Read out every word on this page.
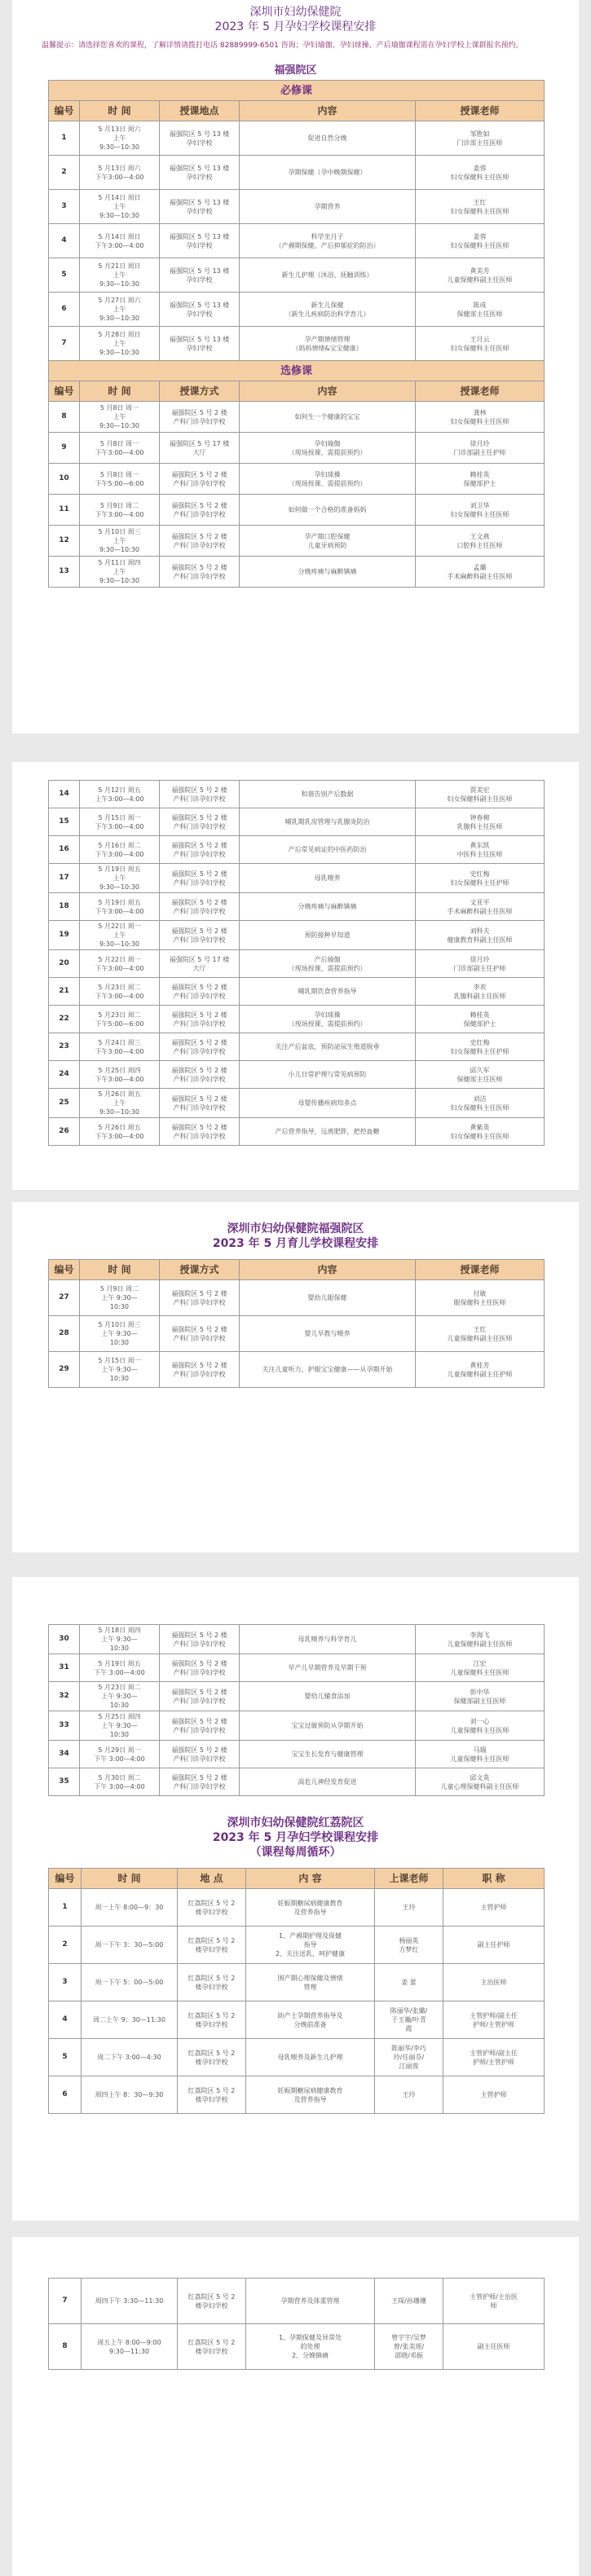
深圳市妇幼保健院
2023 年 5 月孕妇学校课程安排
温馨提示：请选择您喜欢的课程，了解详情请拨打电话 82889999-6501 咨询；孕妇瑜伽、孕妇球操、产后瑜伽课程需在孕妇学校上课群报名预约。
福强院区
必修课				
编号	时 间	授课地点	内容	授课老师
1	5 月13日 周六
上午
9:30—10:30	福强院区 5 号 13 楼
孕妇学校	促进自然分娩	邹胜如
门诊部主任医师
2	5 月13日 周六
下午3:00—4:00	福强院区 5 号 13 楼
孕妇学校	孕期保健（孕中晚期保健）	姜蓉
妇女保健科主任医师
3	5 月14日 周日
上午
9:30—10:30	福强院区 5 号 13 楼
孕妇学校	孕期营养	王红
妇女保健科主任医师
4	5 月14日 周日
下午3:00—4:00	福强院区 5 号 13 楼
孕妇学校	科学坐月子
（产褥期保健、产后抑郁症的防治）	姜蓉
妇女保健科主任医师
5	5 月21日 周日
上午
9:30—10:30	福强院区 5 号 13 楼
孕妇学校	新生儿护理（沐浴、抚触训练）	黄美芳
儿童保健科副主任医师
6	5 月27日 周六
上午
9:30—10:30	福强院区 5 号 13 楼
孕妇学校	新生儿保健
（新生儿疾病防治科学育儿）	陈成
保健部主任医师
7	5 月28日 周日
上午
9:30—10:30	福强院区 5 号 13 楼
孕妇学校	孕产期情绪管理
（妈妈情绪&宝宝健康）	王月云
妇女保健科主任医师
选修课				
编号	时 间	授课方式	内容	授课老师
8	5 月8日 周一
上午
9:30—10:30	福强院区 5 号 2 楼
产科门诊孕妇学校	如何生一个健康的宝宝	龚林
妇女保健科主任医师
9	5 月8日 周一
下午3:00—4:00	福强院区 5 号 17 楼
大厅	孕妇瑜伽
（现场授课、需提前预约）	徐月玲
门诊部副主任护师
10	5 月8日 周一
下午5:00—6:00	福强院区 5 号 2 楼
产科门诊孕妇学校	孕妇球操
（现场授课、需提前预约）	赖桂英
保健部护士
11	5 月9日 周二
下午3:00—4:00	福强院区 5 号 2 楼
产科门诊孕妇学校	如何做一个合格的准备妈妈	刘卫华
妇女保健科主任医师
12	5 月10日 周三
上午
9:30—10:30	福强院区 5 号 2 楼
产科门诊孕妇学校	孕产期口腔保健
儿童牙病预防	王文燕
口腔科主任医师
13	5 月11日 周四
上午
9:30—10:30	福强院区 5 号 2 楼
产科门诊孕妇学校	分娩疼痛与麻醉镇痛	孟璐
手术麻醉科副主任医师
14	5 月12日 周五
上午3:00—4:00	福强院区 5 号 2 楼
产科门诊孕妇学校	和谐告别产后数据	贾美宏
妇女保健科副主任医师
15	5 月15日 周一
下午3:00—4:00	福强院区 5 号 2 楼
产科门诊孕妇学校	哺乳期乳房管理与乳腺炎防治	钟春棉
乳腺科主任医师
16	5 月16日 周二
下午3:00—4:00	福强院区 5 号 2 楼
产科门诊孕妇学校	产后常见病证的中医药防治	黄东凯
中医科主任医师
17	5 月19日 周五
上午
9:30—10:30	福强院区 5 号 2 楼
产科门诊孕妇学校	母乳喂养	史红梅
妇女保健科主任护师
18	5 月19日 周五
下午3:00—4:00	福强院区 5 号 2 楼
产科门诊孕妇学校	分娩疼痛与麻醉镇痛	文亚平
手术麻醉科副主任医师
19	5 月22日 周一
上午
9:30—10:30	福强院区 5 号 2 楼
产科门诊孕妇学校	预防接种早知道	刘科夫
健康教育科副主任医师
20	5 月22日 周一
下午3:00—4:00	福强院区 5 号 17 楼
大厅	产后瑜伽
（现场授课、需提前预约）	徐月玲
门诊部副主任护师
21	5 月23日 周二
下午3:00—4:00	福强院区 5 号 2 楼
产科门诊孕妇学校	哺乳期饮食营养指导	李欢
乳腺科副主任医师
22	5 月23日 周二
下午5:00—6:00	福强院区 5 号 2 楼
产科门诊孕妇学校	孕妇球操
（现场授课、需提前预约）	赖桂英
保健部护士
23	5 月24日 周三
下午3:00—4:00	福强院区 5 号 2 楼
产科门诊孕妇学校	关注产后盆底，预防泌尿生殖道脱垂	史红梅
妇女保健科主任护师
24	5 月25日 周四
下午3:00—4:00	福强院区 5 号 2 楼
产科门诊孕妇学校	小儿日常护理与常见病预防	邱久军
保健部主任医师
25	5 月26日 周五
上午
9:30—10:30	福强院区 5 号 2 楼
产科门诊孕妇学校	母婴传播疾病知多点	刘洁
妇女保健科主任医师
26	5 月26日 周五
下午3:00—4:00	福强院区 5 号 2 楼
产科门诊孕妇学校	产后营养指导，远离肥胖，把控血糖	黄紫英
妇女保健科主任医师
深圳市妇幼保健院福强院区
2023 年 5 月育儿学校课程安排
编号	时 间	授课方式	内容	授课老师
27	5 月9日 周二
上午 9:30—
10:30	福强院区 5 号 2 楼
产科门诊孕妇学校	婴幼儿眼保健	付敏
眼保健科主任医师
28	5 月10日 周三
上午 9:30—
10:30	福强院区 5 号 2 楼
产科门诊孕妇学校	婴儿早教与喂养	王红
儿童保健科副主任医师
29	5 月15日 周一
上午 9:30—
10:30	福强院区 5 号 2 楼
产科门诊孕妇学校	关注儿童听力、护眼宝宝健康——从孕期开始	黄桂芳
儿童保健科副主任护师
30	5 月18日 周四
上午 9:30—
10:30	福强院区 5 号 2 楼
产科门诊孕妇学校	母乳喂养与科学育儿	李海飞
儿童保健科副主任医师
31	5 月19日 周五
下午 3:00—4:00	福强院区 5 号 2 楼
产科门诊孕妇学校	早产儿早期营养及早期干预	江宏
儿童保健科主任医师
32	5 月23日 周二
上午 9:30—
10:30	福强院区 5 号 2 楼
产科门诊孕妇学校	婴幼儿辅食添加	彭中华
保健部副主任医师
33	5 月25日 周四
上午 9:30—
10:30	福强院区 5 号 2 楼
产科门诊孕妇学校	宝宝过敏预防从孕期开始	刘一心
儿童保健科主任医师
34	5 月29日 周一
下午 3:00—4:00	福强院区 5 号 2 楼
产科门诊孕妇学校	宝宝生长发育与健康管理	马瑞
儿童保健科主任医师
35	5 月30日 周二
下午 3:00—4:00	福强院区 5 号 2 楼
产科门诊孕妇学校	高危儿神经发育促进	邱文英
儿童心理保健科副主任医师
深圳市妇幼保健院红荔院区
2023 年 5 月孕妇学校课程安排
（课程每周循环）
编号	时 间	地 点	内 容	上课老师	职 称
1	周一上午 8:00—9：30	红荔院区 5 号 2
楼孕妇学校	妊娠期糖尿病健康教育
及营养指导	王玲	主管护师
2	周一下午 3：30—5:00	红荔院区 5 号 2
楼孕妇学校	1、产褥期护理及保健
指导
2、关注送乳，呵护健康	杨丽英
方梦红	副主任护师
3	周一下午 5：00—5:00	红荔院区 5 号 2
楼孕妇学校	围产期心理保健及情绪
管理	姜 蕾	主治医师
4	周二上午 9：30—11:30	红荔院区 5 号 2
楼孕妇学校	助产士孕期营养指导及
分娩前准备	陈丽华/张璐/
于玉瀚/叶青
霞	主管护师/副主任
护师/主管护师
5	周二下午 3:00—4:30	红荔院区 5 号 2
楼孕妇学校	母乳喂养及新生儿护理	陈丽华/李巧
玲/任丽芬/
江丽蓉	主管护师/副主任
护师/主管护师
6	周四上午 8：30—9:30	红荔院区 5 号 2
楼孕妇学校	妊娠期糖尿病健康教育
及营养指导	王玲	主管护师
7	周四下午 3:30—11:30	红荔院区 5 号 2
楼孕妇学校	孕期营养及体重管理	王琛/孙珊珊	主管护师/主治医
师
8	周五上午 8:00—9:00
9:30—11:30	红荔院区 5 号 2
楼孕妇学校	1、孕期保健及异常处
的处理
2、分娩镇痛	曾宇宇/吴梦
曾/张美瑶/
邵晓/邓振	副主任医师
